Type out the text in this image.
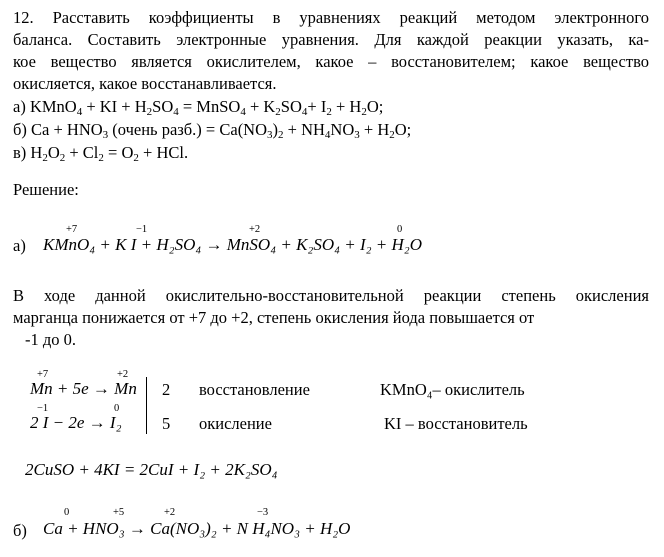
12. Расставить коэффициенты в уравнениях реакций методом электронного
баланса. Составить электронные уравнения. Для каждой реакции указать, ка-
кое вещество является окислителем, какое – восстановителем; какое вещество
окисляется, какое восстанавливается.
а) KMnO$_4$ + KI + $H_2SO_4$ = MnSO$_4$ + $K_2SO_4+ I_2 + H_2O$;
б) $Ca + HNO_3$ (очень разб.) = $Ca(NO_3)_2 + NH_4NO_3 + H_2O$;
в) $H_2O_2 + Cl_2 = O_2$ + HCl.
Решение:
+7	−1	+2	0
а) KMnO₄ + K I + H₂SO₄ → MnSO₄ + K₂SO₄ + I₂ + H₂O
В ходе данной окислительно-восстановительной реакции степень окисления
марганца понижается от +7 до +2, степень окисления йода повышается от
-1 до 0.
+7	+2
Mn + 5e → Mn 2 восстановление	KMnO₄– окислитель
−1	0
2 I − 2e → I₂ 5 окисление	KI – восстановитель
2CuSO + 4KI = 2CuI + I₂ + 2K₂SO₄
0	+5	+2	−3
б) Ca + HNO₃ → Ca(NO₃)₂ + N H₄NO₃ + H₂O
